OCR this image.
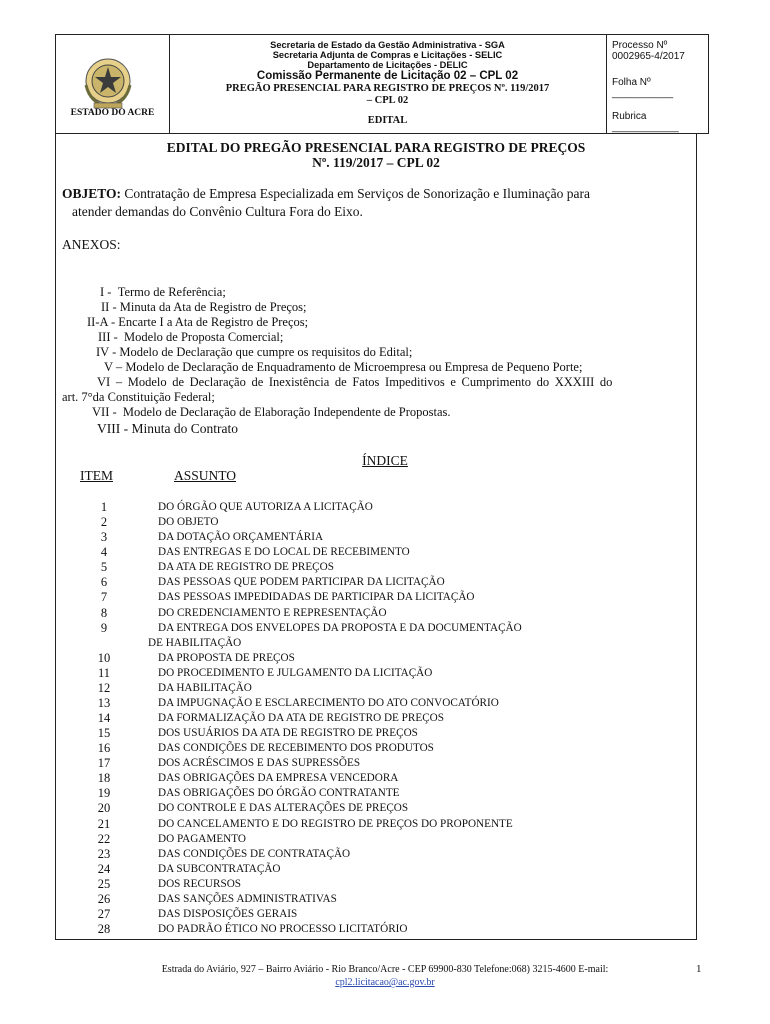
ESTADO DO ACRE
Secretaria de Estado da Gestão Administrativa - SGA
Secretaria Adjunta de Compras e Licitações - SELIC
Departamento de Licitações - DELIC
Comissão Permanente de Licitação 02 – CPL 02
PREGÃO PRESENCIAL PARA REGISTRO DE PREÇOS Nº. 119/2017
– CPL 02
EDITAL
Processo Nº 0002965-4/2017
Folha Nº ___________
Rubrica ____________
EDITAL DO PREGÃO PRESENCIAL PARA REGISTRO DE PREÇOS
Nº. 119/2017 – CPL 02
OBJETO: Contratação de Empresa Especializada em Serviços de Sonorização e Iluminação para
atender demandas do Convênio Cultura Fora do Eixo.
ANEXOS:
I - Termo de Referência;
II - Minuta da Ata de Registro de Preços;
II-A - Encarte I a Ata de Registro de Preços;
III - Modelo de Proposta Comercial;
IV - Modelo de Declaração que cumpre os requisitos do Edital;
V – Modelo de Declaração de Enquadramento de Microempresa ou Empresa de Pequeno Porte;
VI – Modelo de Declaração de Inexistência de Fatos Impeditivos e Cumprimento do XXXIII do
art. 7°da Constituição Federal;
VII - Modelo de Declaração de Elaboração Independente de Propostas.
VIII - Minuta do Contrato
ÍNDICE
ITEM	ASSUNTO
1	DO ÓRGÃO QUE AUTORIZA A LICITAÇÃO
2	DO OBJETO
3	DA DOTAÇÃO ORÇAMENTÁRIA
4	DAS ENTREGAS E DO LOCAL DE RECEBIMENTO
5	DA ATA DE REGISTRO DE PREÇOS
6	DAS PESSOAS QUE PODEM PARTICIPAR DA LICITAÇÃO
7	DAS PESSOAS IMPEDIDADAS DE PARTICIPAR DA LICITAÇÃO
8	DO CREDENCIAMENTO E REPRESENTAÇÃO
9	DA ENTREGA DOS ENVELOPES DA PROPOSTA E DA DOCUMENTAÇÃO
DE HABILITAÇÃO
10	DA PROPOSTA DE PREÇOS
11	DO PROCEDIMENTO E JULGAMENTO DA LICITAÇÃO
12	DA HABILITAÇÃO
13	DA IMPUGNAÇÃO E ESCLARECIMENTO DO ATO CONVOCATÓRIO
14	DA FORMALIZAÇÃO DA ATA DE REGISTRO DE PREÇOS
15	DOS USUÁRIOS DA ATA DE REGISTRO DE PREÇOS
16	DAS CONDIÇÕES DE RECEBIMENTO DOS PRODUTOS
17	DOS ACRÉSCIMOS E DAS SUPRESSÕES
18	DAS OBRIGAÇÕES DA EMPRESA VENCEDORA
19	DAS OBRIGAÇÕES DO ÓRGÃO CONTRATANTE
20	DO CONTROLE E DAS ALTERAÇÕES DE PREÇOS
21	DO CANCELAMENTO E DO REGISTRO DE PREÇOS DO PROPONENTE
22	DO PAGAMENTO
23	DAS CONDIÇÕES DE CONTRATAÇÃO
24	DA SUBCONTRATAÇÃO
25	DOS RECURSOS
26	DAS SANÇÕES ADMINISTRATIVAS
27	DAS DISPOSIÇÕES GERAIS
28	DO PADRÃO ÉTICO NO PROCESSO LICITATÓRIO
Estrada do Aviário, 927 – Bairro Aviário - Rio Branco/Acre - CEP 69900-830 Telefone:068) 3215-4600 E-mail:
cpl2.licitacao@ac.gov.br
1
